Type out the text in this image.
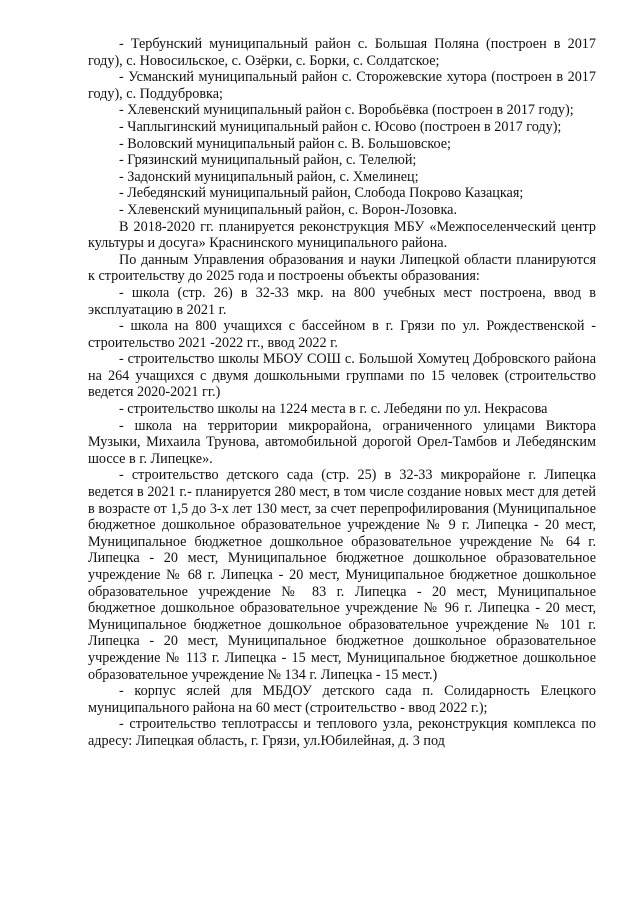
- Тербунский муниципальный район с. Большая Поляна (построен в 2017 году), с. Новосильское, с. Озёрки, с. Борки, с. Солдатское;

- Усманский муниципальный район с. Сторожевские хутора (построен в 2017 году), с. Поддубровка;

- Хлевенский муниципальный район с. Воробьёвка (построен в 2017 году);

- Чаплыгинский муниципальный район с. Юсово (построен в 2017 году);

- Воловский муниципальный район с. В. Большовское;

- Грязинский муниципальный район, с. Телелюй;

- Задонский муниципальный район, с. Хмелинец;

- Лебедянский муниципальный район, Слобода Покрово Казацкая;

- Хлевенский муниципальный район, с. Ворон-Лозовка.

В 2018-2020 гг. планируется реконструкция МБУ «Межпоселенческий центр культуры и досуга» Краснинского муниципального района.

По данным Управления образования и науки Липецкой области планируются к строительству до 2025 года и построены объекты образования:

- школа (стр. 26) в 32-33 мкр. на 800 учебных мест построена, ввод в эксплуатацию в 2021 г.

- школа на 800 учащихся с бассейном в г. Грязи по ул. Рождественской - строительство 2021 -2022 гг., ввод 2022 г.

- строительство школы МБОУ СОШ с. Большой Хомутец Добровского района на 264 учащихся с двумя дошкольными группами по 15 человек (строительство ведется 2020-2021 гг.)

- строительство школы на 1224 места в г. с. Лебедяни по ул. Некрасова

- школа на территории микрорайона, ограниченного улицами Виктора Музыки, Михаила Трунова, автомобильной дорогой Орел-Тамбов и Лебедянским шоссе в г. Липецке».

- строительство детского сада (стр. 25) в 32-33 микрорайоне г. Липецка ведется в 2021 г.- планируется 280 мест, в том числе создание новых мест для детей в возрасте от 1,5 до 3-х лет 130 мест, за счет перепрофилирования (Муниципальное бюджетное дошкольное образовательное учреждение № 9 г. Липецка - 20 мест, Муниципальное бюджетное дошкольное образовательное учреждение № 64 г. Липецка - 20 мест, Муниципальное бюджетное дошкольное образовательное учреждение № 68 г. Липецка - 20 мест, Муниципальное бюджетное дошкольное образовательное учреждение № 83 г. Липецка - 20 мест, Муниципальное бюджетное дошкольное образовательное учреждение № 96 г. Липецка - 20 мест, Муниципальное бюджетное дошкольное образовательное учреждение № 101 г. Липецка - 20 мест, Муниципальное бюджетное дошкольное образовательное учреждение № 113 г. Липецка - 15 мест, Муниципальное бюджетное дошкольное образовательное учреждение № 134 г. Липецка - 15 мест.)

- корпус яслей для МБДОУ детского сада п. Солидарность Елецкого муниципального района на 60 мест (строительство - ввод 2022 г.);

- строительство теплотрассы и теплового узла, реконструкция комплекса по адресу: Липецкая область, г. Грязи, ул.Юбилейная, д. 3 под
